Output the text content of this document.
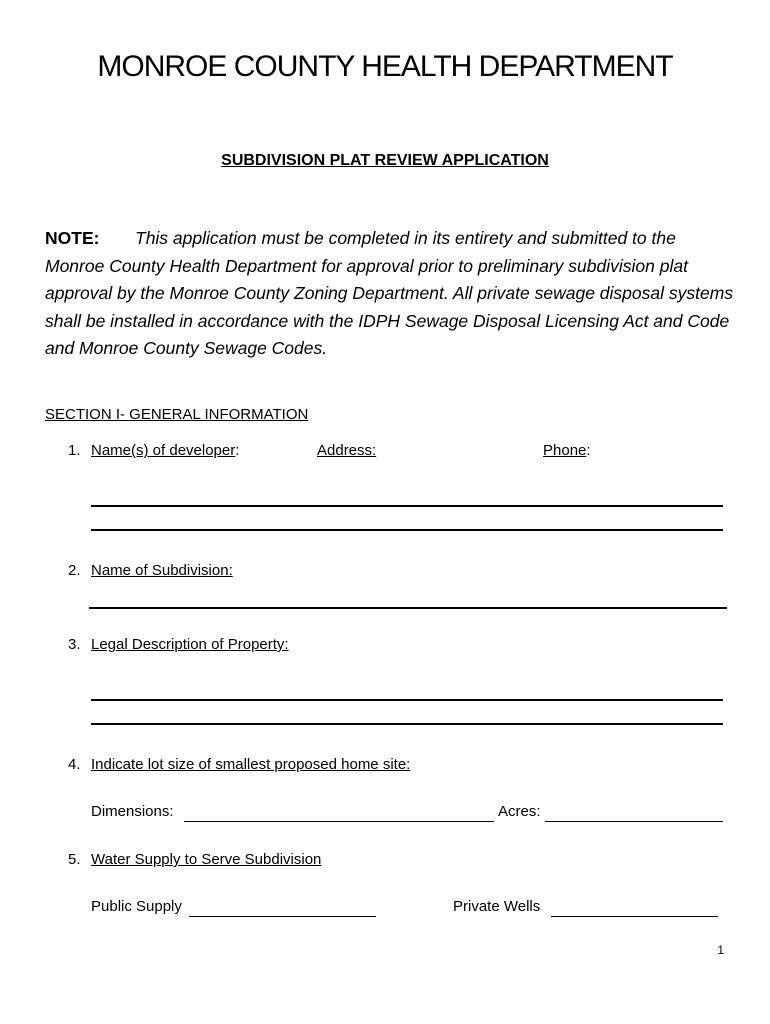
MONROE COUNTY HEALTH DEPARTMENT
SUBDIVISION PLAT REVIEW APPLICATION
NOTE: This application must be completed in its entirety and submitted to the Monroe County Health Department for approval prior to preliminary subdivision plat approval by the Monroe County Zoning Department. All private sewage disposal systems shall be installed in accordance with the IDPH Sewage Disposal Licensing Act and Code and Monroe County Sewage Codes.
SECTION I- GENERAL INFORMATION
1. Name(s) of developer:	Address:	Phone:
2. Name of Subdivision:
3. Legal Description of Property:
4. Indicate lot size of smallest proposed home site:
Dimensions:	Acres:
5. Water Supply to Serve Subdivision
Public Supply	Private Wells
1
